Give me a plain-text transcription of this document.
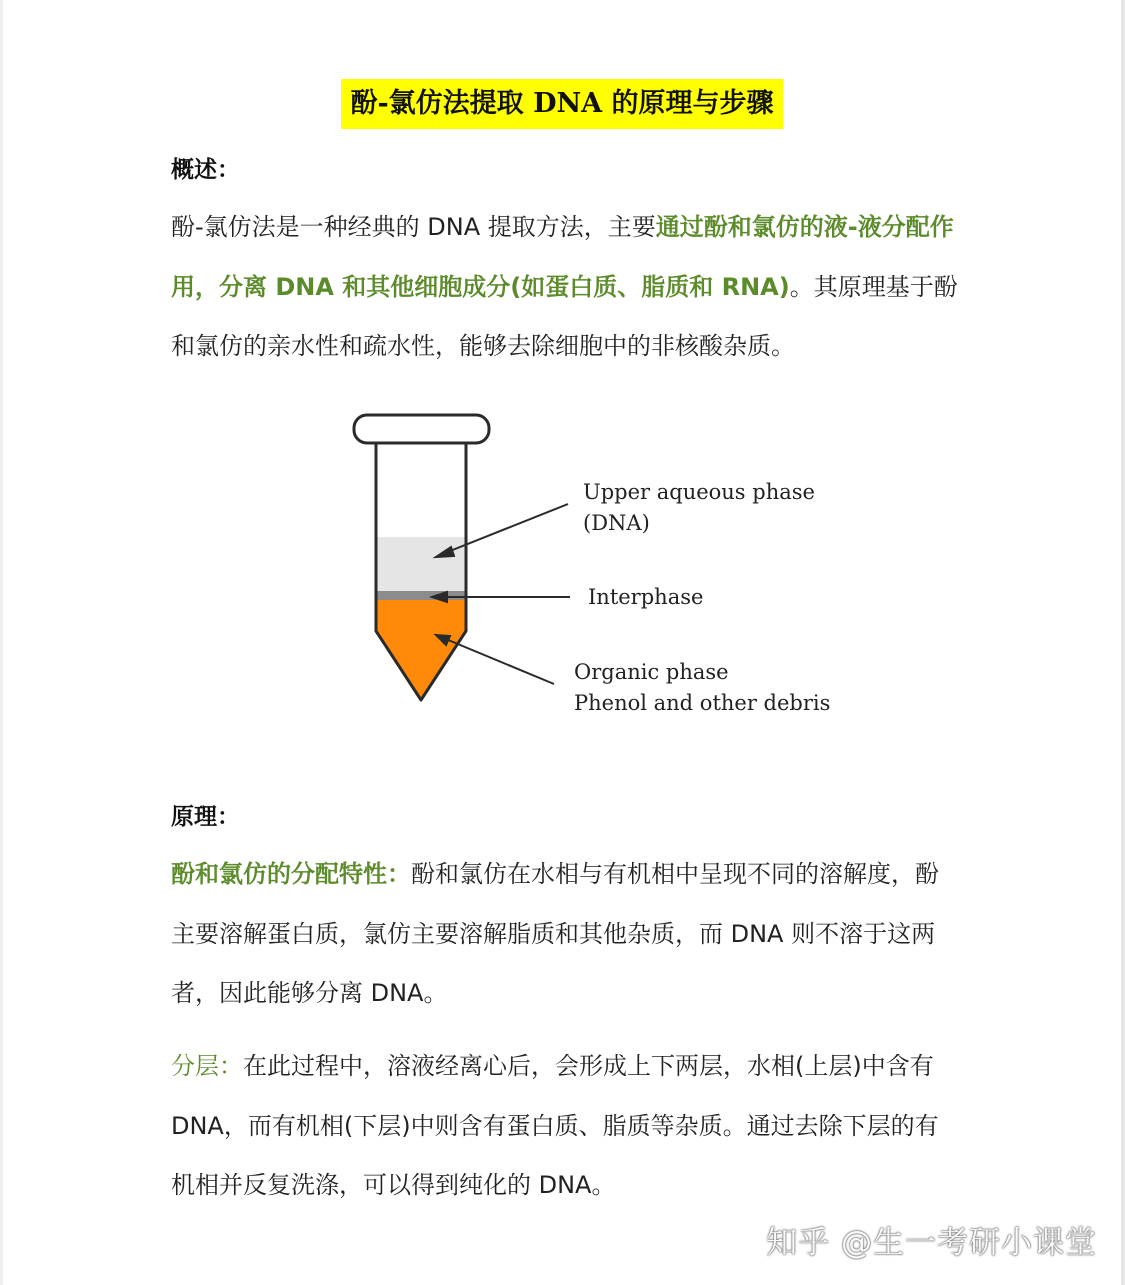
酚-氯仿法提取 DNA 的原理与步骤
概述：
酚-氯仿法是一种经典的 DNA 提取方法，主要通过酚和氯仿的液-液分配作用，分离 DNA 和其他细胞成分(如蛋白质、脂质和 RNA)。其原理基于酚和氯仿的亲水性和疏水性，能够去除细胞中的非核酸杂质。
Upper aqueous phase
(DNA)
Interphase
Organic phase
Phenol and other debris
原理：
酚和氯仿的分配特性：酚和氯仿在水相与有机相中呈现不同的溶解度，酚主要溶解蛋白质，氯仿主要溶解脂质和其他杂质，而 DNA 则不溶于这两者，因此能够分离 DNA。
分层：在此过程中，溶液经离心后，会形成上下两层，水相(上层)中含有 DNA，而有机相(下层)中则含有蛋白质、脂质等杂质。通过去除下层的有机相并反复洗涤，可以得到纯化的 DNA。
知乎 @生一考研小课堂
